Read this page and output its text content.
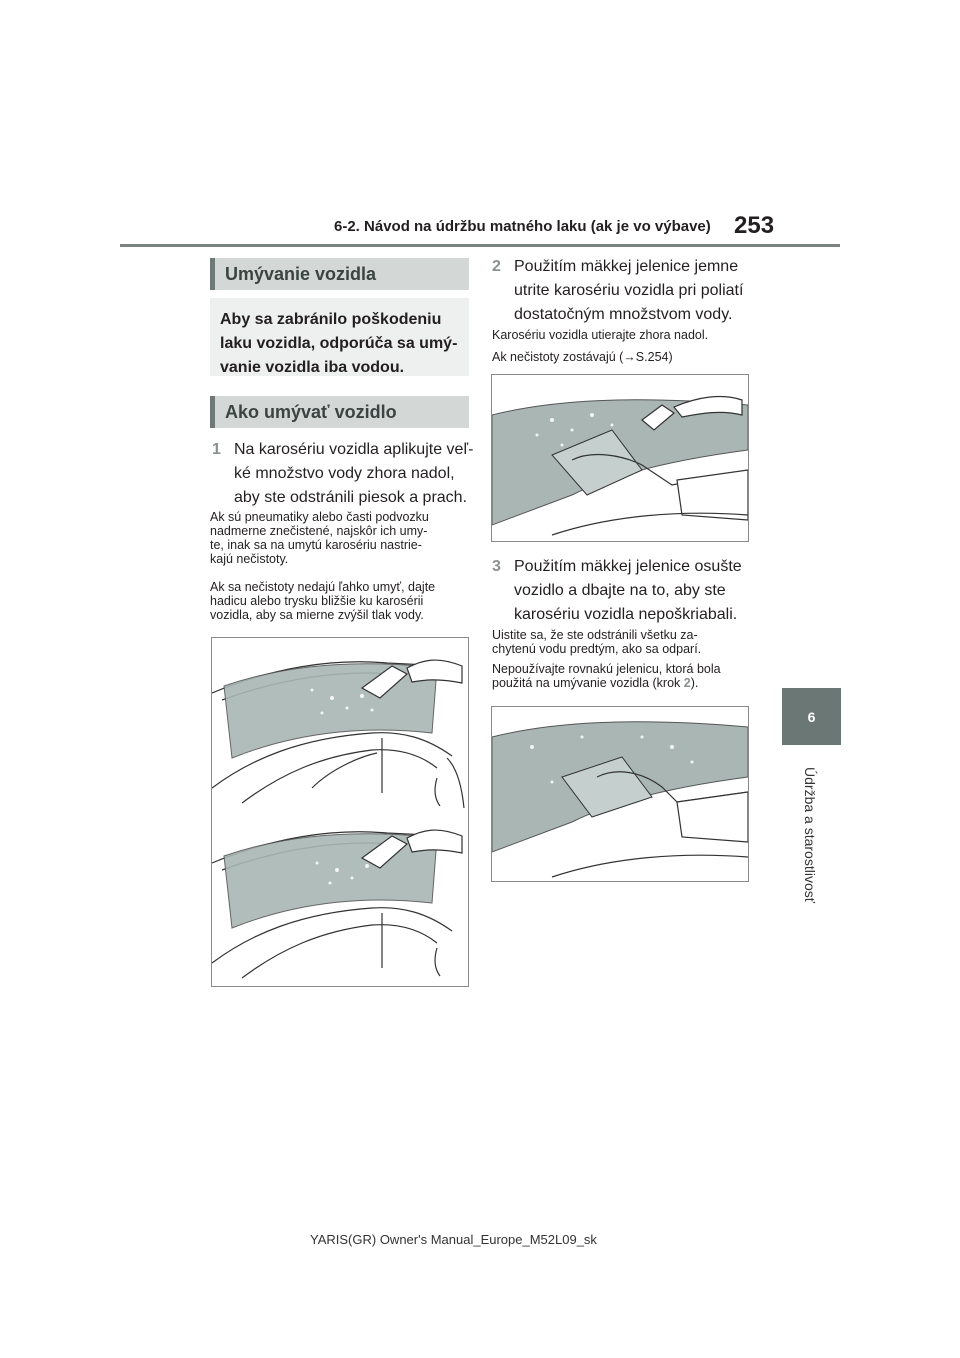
6-2. Návod na údržbu matného laku (ak je vo výbave) 253
6
Údržba a starostlivosť
Umývanie vozidla
Aby sa zabránilo poškodeniu
laku vozidla, odporúča sa umý-
vanie vozidla iba vodou.
Ako umývať vozidlo
1 Na karosériu vozidla aplikujte veľ-
ké množstvo vody zhora nadol,
aby ste odstránili piesok a prach.
Ak sú pneumatiky alebo časti podvozku
nadmerne znečistené, najskôr ich umy-
te, inak sa na umytú karosériu nastrie-
kajú nečistoty.
Ak sa nečistoty nedajú ľahko umyť, dajte
hadicu alebo trysku bližšie ku karosérii
vozidla, aby sa mierne zvýšil tlak vody.
2 Použitím mäkkej jelenice jemne
utrite karosériu vozidla pri poliatí
dostatočným množstvom vody.
Karosériu vozidla utierajte zhora nadol.
Ak nečistoty zostávajú (→S.254)
3 Použitím mäkkej jelenice osušte
vozidlo a dbajte na to, aby ste
karosériu vozidla nepoškriabali.
Uistite sa, že ste odstránili všetku za-
chytenú vodu predtým, ako sa odparí.
Nepoužívajte rovnakú jelenicu, ktorá bola
použitá na umývanie vozidla (krok 2).
YARIS(GR) Owner's Manual_Europe_M52L09_sk
